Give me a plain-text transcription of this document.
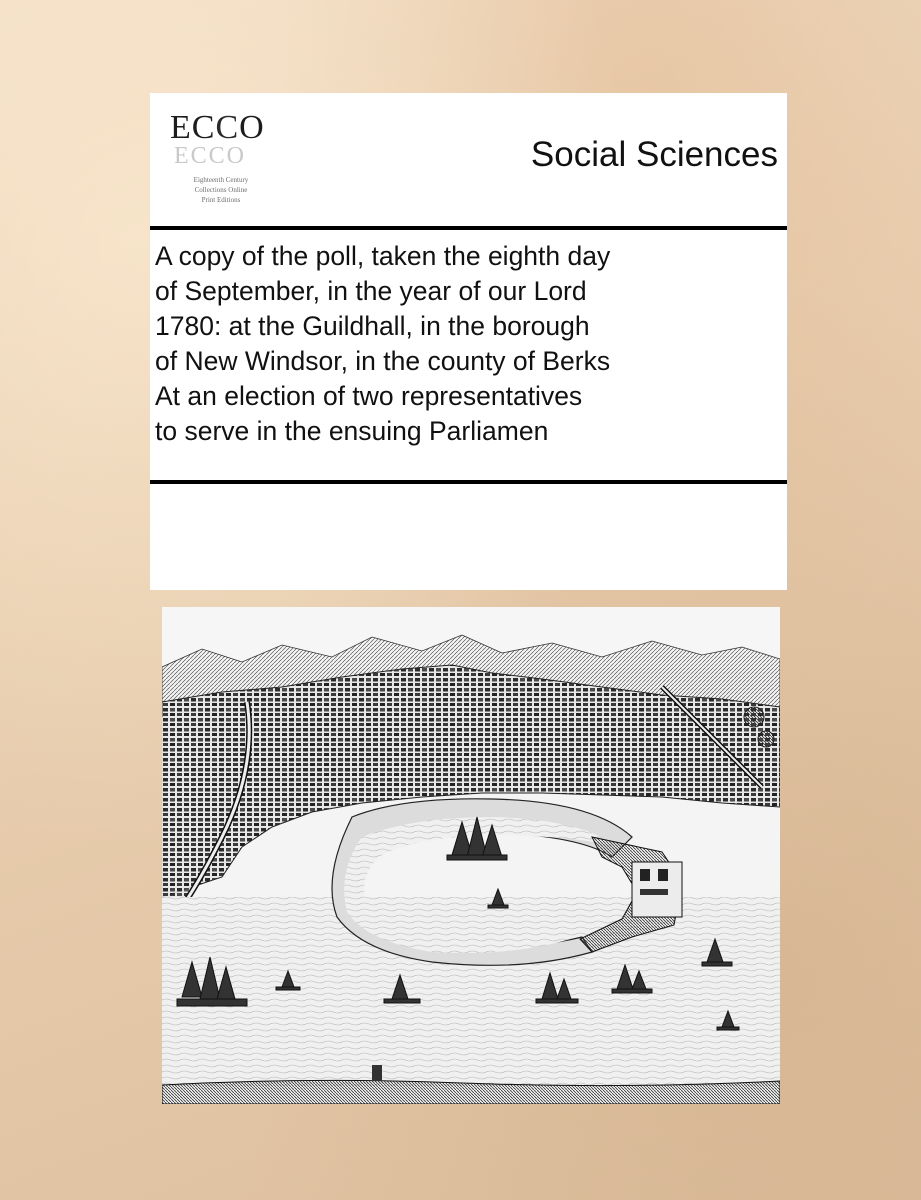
ECCO
ECCO
Eighteenth Century
Collections Online
Print Editions
Social Sciences
A copy of the poll, taken the eighth day
of September, in the year of our Lord
1780: at the Guildhall, in the borough
of New Windsor, in the county of Berks
At an election of two representatives
to serve in the ensuing Parliamen
